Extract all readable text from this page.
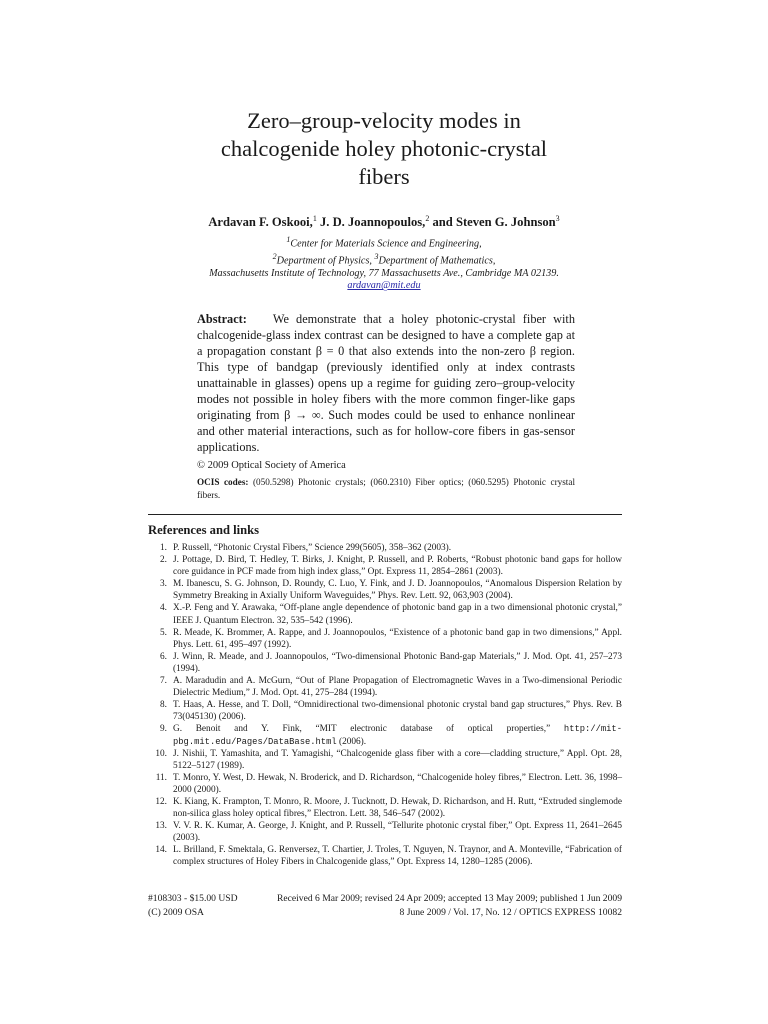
Zero–group-velocity modes in
chalcogenide holey photonic-crystal
fibers
Ardavan F. Oskooi,$^1$ J. D. Joannopoulos,$^2$ and Steven G. Johnson$^3$
$^1$Center for Materials Science and Engineering,
$^2$Department of Physics, $^3$Department of Mathematics,
Massachusetts Institute of Technology, 77 Massachusetts Ave., Cambridge MA 02139.
ardavan@mit.edu
Abstract: We demonstrate that a holey photonic-crystal fiber with chalcogenide-glass index contrast can be designed to have a complete gap at a propagation constant β = 0 that also extends into the non-zero β region. This type of bandgap (previously identified only at index contrasts unattainable in glasses) opens up a regime for guiding zero–group-velocity modes not possible in holey fibers with the more common finger-like gaps originating from β → ∞. Such modes could be used to enhance nonlinear and other material interactions, such as for hollow-core fibers in gas-sensor applications.
© 2009 Optical Society of America
OCIS codes: (050.5298) Photonic crystals; (060.2310) Fiber optics; (060.5295) Photonic crystal fibers.
References and links
1. P. Russell, “Photonic Crystal Fibers,” Science 299(5605), 358–362 (2003).
2. J. Pottage, D. Bird, T. Hedley, T. Birks, J. Knight, P. Russell, and P. Roberts, “Robust photonic band gaps for hollow core guidance in PCF made from high index glass,” Opt. Express 11, 2854–2861 (2003).
3. M. Ibanescu, S. G. Johnson, D. Roundy, C. Luo, Y. Fink, and J. D. Joannopoulos, “Anomalous Dispersion Relation by Symmetry Breaking in Axially Uniform Waveguides,” Phys. Rev. Lett. 92, 063,903 (2004).
4. X.-P. Feng and Y. Arawaka, “Off-plane angle dependence of photonic band gap in a two dimensional photonic crystal,” IEEE J. Quantum Electron. 32, 535–542 (1996).
5. R. Meade, K. Brommer, A. Rappe, and J. Joannopoulos, “Existence of a photonic band gap in two dimensions,” Appl. Phys. Lett. 61, 495–497 (1992).
6. J. Winn, R. Meade, and J. Joannopoulos, “Two-dimensional Photonic Band-gap Materials,” J. Mod. Opt. 41, 257–273 (1994).
7. A. Maradudin and A. McGurn, “Out of Plane Propagation of Electromagnetic Waves in a Two-dimensional Periodic Dielectric Medium,” J. Mod. Opt. 41, 275–284 (1994).
8. T. Haas, A. Hesse, and T. Doll, “Omnidirectional two-dimensional photonic crystal band gap structures,” Phys. Rev. B 73(045130) (2006).
9. G. Benoit and Y. Fink, “MIT electronic database of optical properties,” http://mit-pbg.mit.edu/Pages/DataBase.html (2006).
10. J. Nishii, T. Yamashita, and T. Yamagishi, “Chalcogenide glass fiber with a core—cladding structure,” Appl. Opt. 28, 5122–5127 (1989).
11. T. Monro, Y. West, D. Hewak, N. Broderick, and D. Richardson, “Chalcogenide holey fibres,” Electron. Lett. 36, 1998–2000 (2000).
12. K. Kiang, K. Frampton, T. Monro, R. Moore, J. Tucknott, D. Hewak, D. Richardson, and H. Rutt, “Extruded singlemode non-silica glass holey optical fibres,” Electron. Lett. 38, 546–547 (2002).
13. V. V. R. K. Kumar, A. George, J. Knight, and P. Russell, “Tellurite photonic crystal fiber,” Opt. Express 11, 2641–2645 (2003).
14. L. Brilland, F. Smektala, G. Renversez, T. Chartier, J. Troles, T. Nguyen, N. Traynor, and A. Monteville, “Fabrication of complex structures of Holey Fibers in Chalcogenide glass,” Opt. Express 14, 1280–1285 (2006).
#108303 - $15.00 USD	Received 6 Mar 2009; revised 24 Apr 2009; accepted 13 May 2009; published 1 Jun 2009
(C) 2009 OSA	8 June 2009 / Vol. 17, No. 12 / OPTICS EXPRESS 10082
